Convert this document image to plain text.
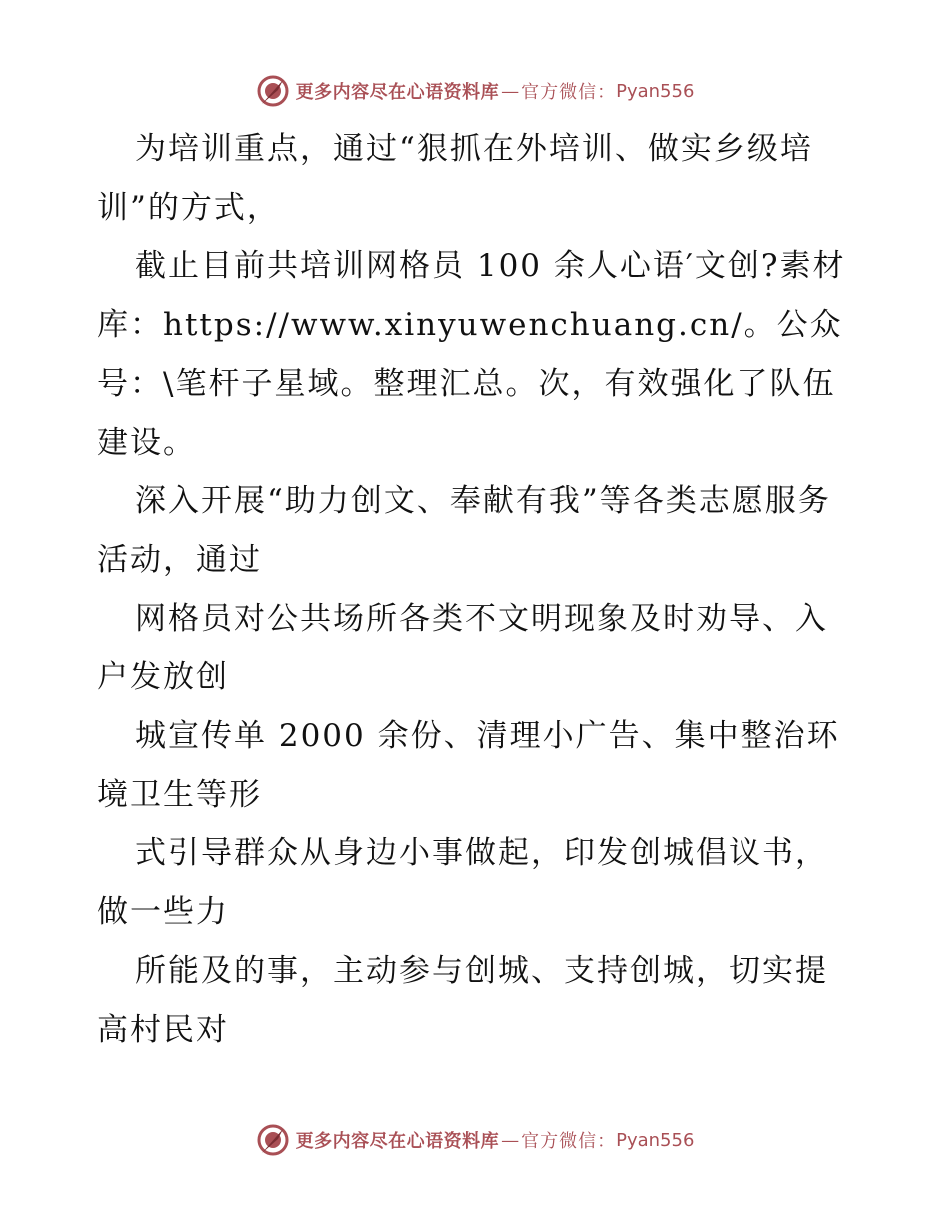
更多内容尽在心语资料库 — 官方微信： Pyan556

为培训重点，通过“狠抓在外培训、做实乡级培训”的方式，

截止目前共培训网格员 100 余人心语′文创?素材库：https://www.xinyuwenchuang.cn/。公众号：\笔杆子星域。整理汇总。次，有效强化了队伍建设。

深入开展“助力创文、奉献有我”等各类志愿服务活动，通过

网格员对公共场所各类不文明现象及时劝导、入户发放创

城宣传单 2000 余份、清理小广告、集中整治环境卫生等形

式引导群众从身边小事做起，印发创城倡议书，做一些力

所能及的事，主动参与创城、支持创城，切实提高村民对

更多内容尽在心语资料库 — 官方微信： Pyan556
